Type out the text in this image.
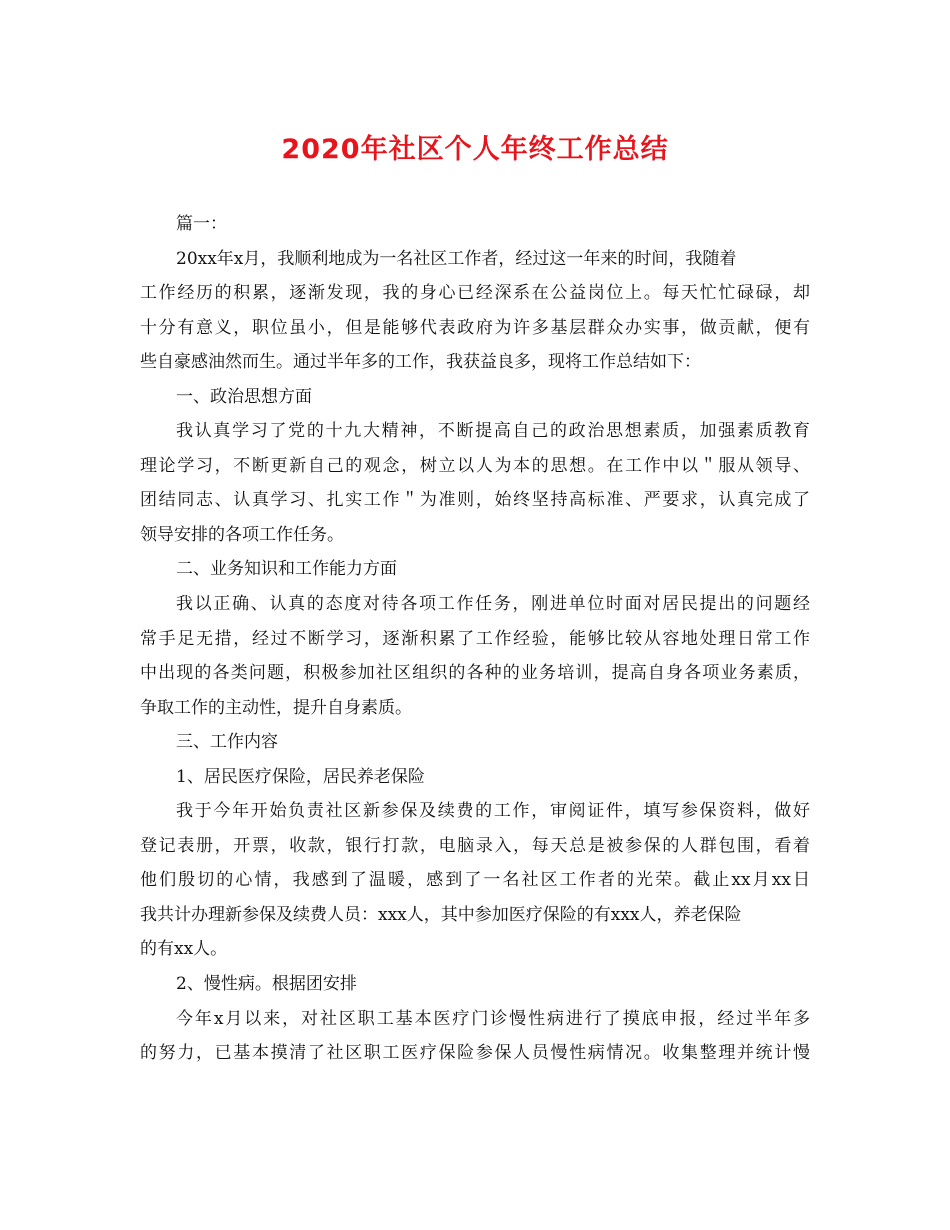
2020年社区个人年终工作总结
篇一：
20xx年x月，我顺利地成为一名社区工作者，经过这一年来的时间，我随着
工作经历的积累，逐渐发现，我的身心已经深系在公益岗位上。每天忙忙碌碌，却
十分有意义，职位虽小，但是能够代表政府为许多基层群众办实事，做贡献，便有
些自豪感油然而生。通过半年多的工作，我获益良多，现将工作总结如下：
一、政治思想方面
我认真学习了党的十九大精神，不断提高自己的政治思想素质，加强素质教育
理论学习，不断更新自己的观念，树立以人为本的思想。在工作中以＂服从领导、
团结同志、认真学习、扎实工作＂为准则，始终坚持高标准、严要求，认真完成了
领导安排的各项工作任务。
二、业务知识和工作能力方面
我以正确、认真的态度对待各项工作任务，刚进单位时面对居民提出的问题经
常手足无措，经过不断学习，逐渐积累了工作经验，能够比较从容地处理日常工作
中出现的各类问题，积极参加社区组织的各种的业务培训，提高自身各项业务素质，
争取工作的主动性，提升自身素质。
三、工作内容
1、居民医疗保险，居民养老保险
我于今年开始负责社区新参保及续费的工作，审阅证件，填写参保资料，做好
登记表册，开票，收款，银行打款，电脑录入，每天总是被参保的人群包围，看着
他们殷切的心情，我感到了温暖，感到了一名社区工作者的光荣。截止xx月xx日
我共计办理新参保及续费人员：xxx人，其中参加医疗保险的有xxx人，养老保险
的有xx人。
2、慢性病。根据团安排
今年x月以来，对社区职工基本医疗门诊慢性病进行了摸底申报，经过半年多
的努力，已基本摸清了社区职工医疗保险参保人员慢性病情况。收集整理并统计慢
